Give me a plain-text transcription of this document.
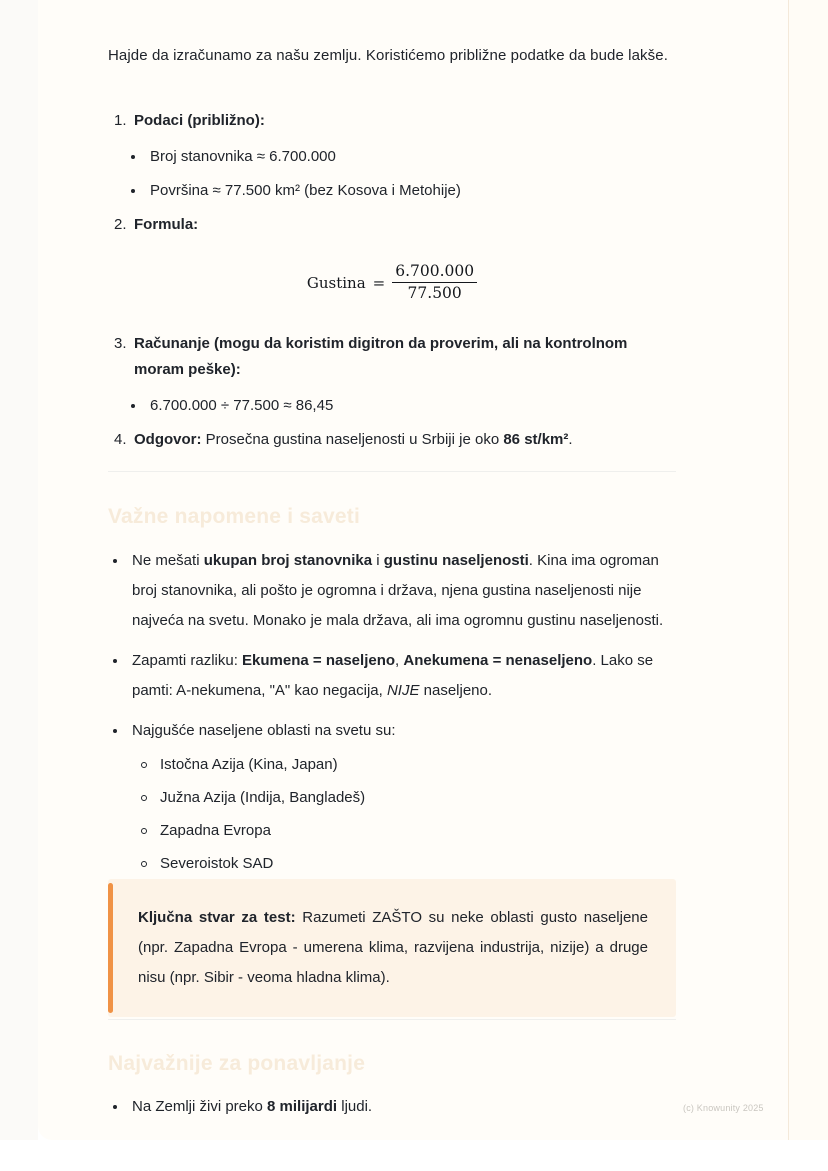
Hajde da izračunamo za našu zemlju. Koristićemo približne podatke da bude lakše.

1 . Podaci (približno):
Broj stanovnika ≈ 6.700.000
Površina ≈ 77.500 km² (bez Kosova i Metohije)
2 . Formula:
Gustina = $\frac{6.700.000}{77.500}$
3 . Računanje (mogu da koristim digitron da proverim, ali na kontrolnom moram peške):
6.700.000 ÷ 77.500 ≈ 86,45
4 . Odgovor: Prosečna gustina naseljenosti u Srbiji je oko 86 st/km².
Važne napomene i saveti
Ne mešati ukupan broj stanovnika i gustinu naseljenosti. Kina ima ogroman broj stanovnika, ali pošto je ogromna i država, njena gustina naseljenosti nije najveća na svetu. Monako je mala država, ali ima ogromnu gustinu naseljenosti.
Zapamti razliku: Ekumena = naseljeno, Anekumena = nenaseljeno. Lako se pamti: A-nekumena, "A" kao negacija, NIJE naseljeno.
Najgušće naseljene oblasti na svetu su:
Istočna Azija (Kina, Japan)
Južna Azija (Indija, Bangladeš)
Zapadna Evropa
Severoistok SAD

Ključna stvar za test: Razumeti ZAŠTO su neke oblasti gusto naseljene (npr. Zapadna Evropa - umerena klima, razvijena industrija, nizije) a druge nisu (npr. Sibir - veoma hladna klima).

Najvažnije za ponavljanje
Na Zemlji živi preko 8 milijardi ljudi.	(c) Knowunity 2025
